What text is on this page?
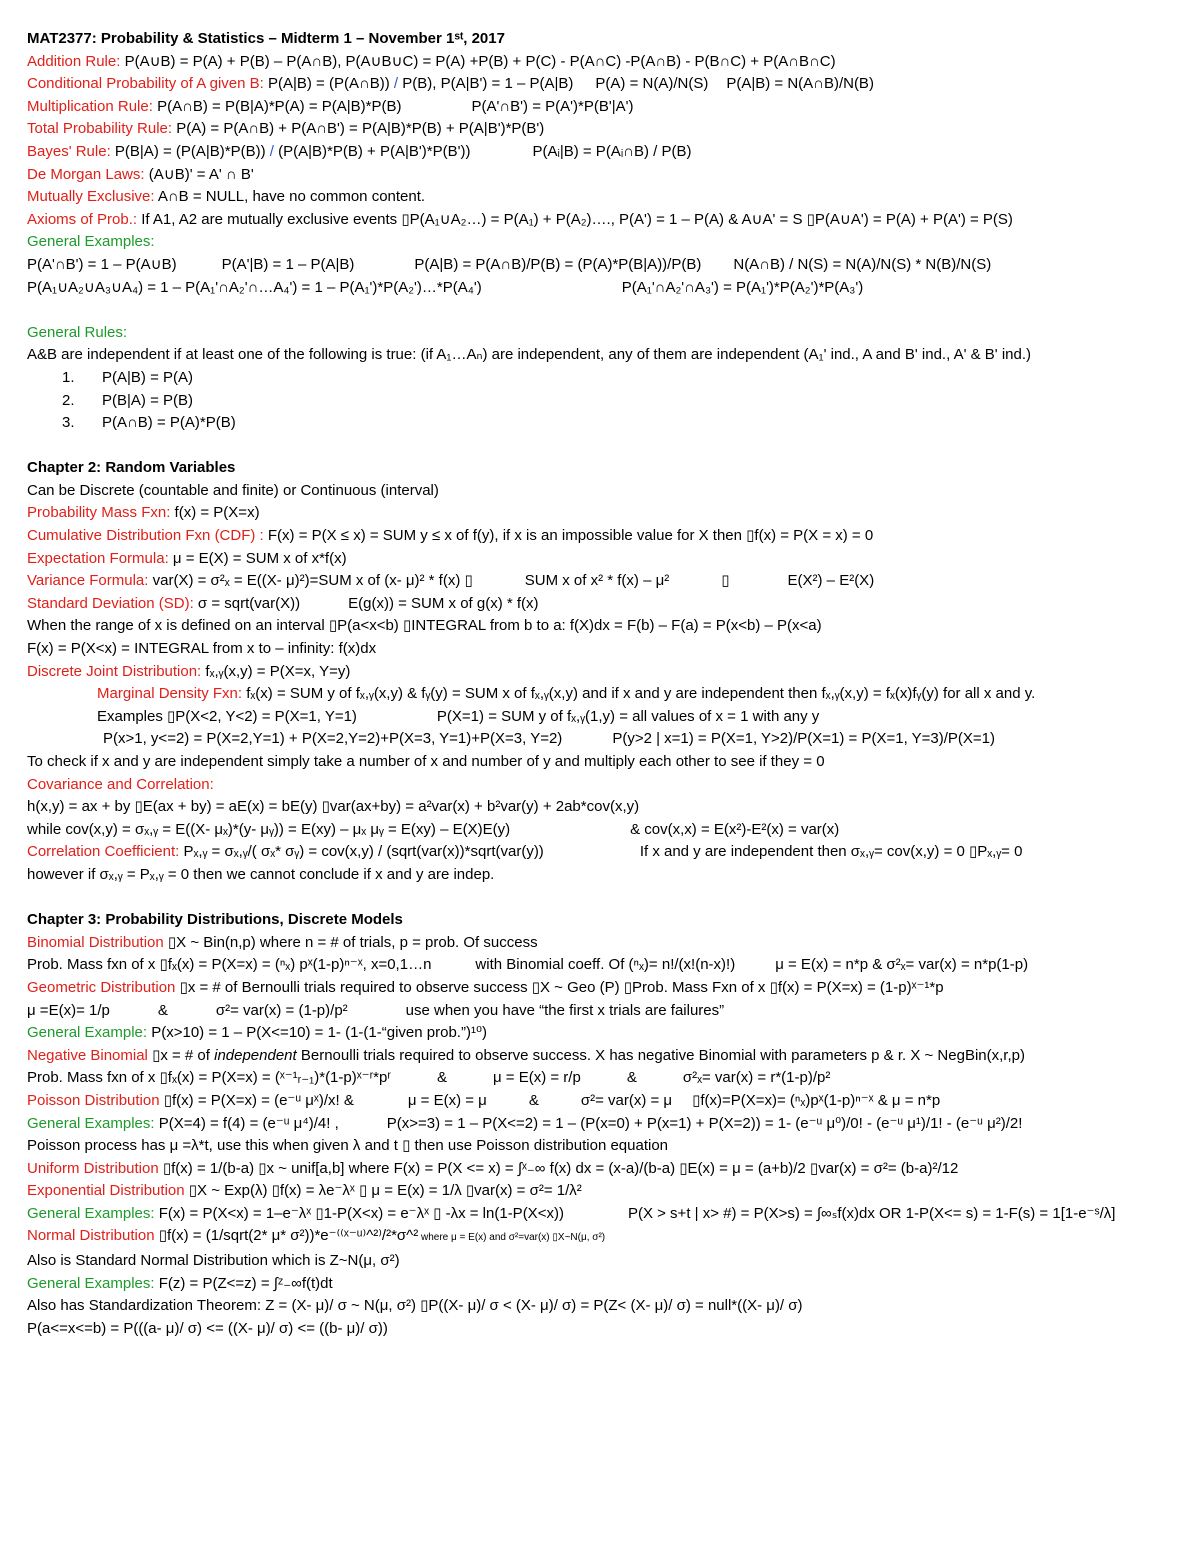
MAT2377: Probability & Statistics – Midterm 1 – November 1ˢᵗ, 2017
Addition Rule: P(A∪B) = P(A) + P(B) – P(A∩B), P(A∪B∪C) = P(A) +P(B) + P(C) - P(A∩C) -P(A∩B) - P(B∩C) + P(A∩B∩C)
Conditional Probability of A given B: P(A|B) = (P(A∩B)) / P(B), P(A|B') = 1 – P(A|B) P(A) = N(A)/N(S) P(A|B) = N(A∩B)/N(B)
Multiplication Rule: P(A∩B) = P(B|A)*P(A) = P(A|B)*P(B)	P(A'∩B') = P(A')*P(B'|A')
Total Probability Rule: P(A) = P(A∩B) + P(A∩B') = P(A|B)*P(B) + P(A|B')*P(B')
Bayes' Rule: P(B|A) = (P(A|B)*P(B)) / (P(A|B)*P(B) + P(A|B')*P(B'))	P(Aᵢ|B) = P(Aᵢ∩B) / P(B)
De Morgan Laws: (A∪B)' = A' ∩ B'
Mutually Exclusive: A∩B = NULL, have no common content.
Axioms of Prob.: If A1, A2 are mutually exclusive events ▯P(A₁∪A₂…) = P(A₁) + P(A₂)…., P(A') = 1 – P(A) & A∪A' = S ▯P(A∪A') = P(A) + P(A') = P(S)
General Examples:
P(A'∩B') = 1 – P(A∪B)	P(A'|B) = 1 – P(A|B)	P(A|B) = P(A∩B)/P(B) = (P(A)*P(B|A))/P(B) N(A∩B) / N(S) = N(A)/N(S) * N(B)/N(S)
P(A₁∪A₂∪A₃∪A₄) = 1 – P(A₁'∩A₂'∩…A₄') = 1 – P(A₁')*P(A₂')…*P(A₄')	P(A₁'∩A₂'∩A₃') = P(A₁')*P(A₂')*P(A₃')
General Rules:
A&B are independent if at least one of the following is true: (if A₁…Aₙ) are independent, any of them are independent (A₁' ind., A and B' ind., A' & B' ind.)
1. P(A|B) = P(A)
2. P(B|A) = P(B)
3. P(A∩B) = P(A)*P(B)
Chapter 2: Random Variables
Can be Discrete (countable and finite) or Continuous (interval)
Probability Mass Fxn: f(x) = P(X=x)
Cumulative Distribution Fxn (CDF) : F(x) = P(X ≤ x) = SUM y ≤ x of f(y), if x is an impossible value for X then ▯f(x) = P(X = x) = 0
Expectation Formula: μ = E(X) = SUM x of x*f(x)
Variance Formula: var(X) = σ²ₓ = E((X- μ)²)=SUM x of (x- μ)² * f(x) ▯	SUM x of x² * f(x) – μ²	▯	E(X²) – E²(X)
Standard Deviation (SD): σ = sqrt(var(X))	E(g(x)) = SUM x of g(x) * f(x)
When the range of x is defined on an interval ▯P(a<x<b) ▯INTEGRAL from b to a: f(X)dx = F(b) – F(a) = P(x<b) – P(x<a)
F(x) = P(X<x) = INTEGRAL from x to – infinity: f(x)dx
Discrete Joint Distribution: fₓ,ᵧ(x,y) = P(X=x, Y=y)
Marginal Density Fxn: fₓ(x) = SUM y of fₓ,ᵧ(x,y) & fᵧ(y) = SUM x of fₓ,ᵧ(x,y) and if x and y are independent then fₓ,ᵧ(x,y) = fₓ(x)fᵧ(y) for all x and y.
Examples ▯P(X<2, Y<2) = P(X=1, Y=1)	P(X=1) = SUM y of fₓ,ᵧ(1,y) = all values of x = 1 with any y
P(x>1, y<=2) = P(X=2,Y=1) + P(X=2,Y=2)+P(X=3, Y=1)+P(X=3, Y=2)	P(y>2 | x=1) = P(X=1, Y>2)/P(X=1) = P(X=1, Y=3)/P(X=1)
To check if x and y are independent simply take a number of x and number of y and multiply each other to see if they = 0
Covariance and Correlation:
h(x,y) = ax + by ▯E(ax + by) = aE(x) = bE(y) ▯var(ax+by) = a²var(x) + b²var(y) + 2ab*cov(x,y)
while cov(x,y) = σₓ,ᵧ = E((X- μₓ)*(y- μᵧ)) = E(xy) – μₓ μᵧ = E(xy) – E(X)E(y)	& cov(x,x) = E(x²)-E²(x) = var(x)
Correlation Coefficient: Pₓ,ᵧ = σₓ,ᵧ/( σₓ* σᵧ) = cov(x,y) / (sqrt(var(x))*sqrt(var(y))	If x and y are independent then σₓ,ᵧ= cov(x,y) = 0 ▯Pₓ,ᵧ= 0
however if σₓ,ᵧ = Pₓ,ᵧ = 0 then we cannot conclude if x and y are indep.
Chapter 3: Probability Distributions, Discrete Models
Binomial Distribution ▯X ~ Bin(n,p) where n = # of trials, p = prob. Of success
Prob. Mass fxn of x ▯fₓ(x) = P(X=x) = (ⁿₓ) pˣ(1-p)ⁿ⁻ˣ, x=0,1…n	with Binomial coeff. Of (ⁿₓ)= n!/(x!(n-x)!)	μ = E(x) = n*p & σ²ₓ= var(x) = n*p(1-p)
Geometric Distribution ▯x = # of Bernoulli trials required to observe success ▯X ~ Geo (P) ▯Prob. Mass Fxn of x ▯f(x) = P(X=x) = (1-p)ˣ⁻¹*p
μ =E(x)= 1/p	&	σ²= var(x) = (1-p)/p²	use when you have “the first x trials are failures”
General Example: P(x>10) = 1 – P(X<=10) = 1- (1-(1-“given prob.”)¹⁰)
Negative Binomial ▯x = # of independent Bernoulli trials required to observe success. X has negative Binomial with parameters p & r. X ~ NegBin(x,r,p)
Prob. Mass fxn of x ▯fₓ(x) = P(X=x) = (ˣ⁻¹ᵣ₋₁)*(1-p)ˣ⁻ʳ*pʳ	&	μ = E(x) = r/p	&	σ²ₓ= var(x) = r*(1-p)/p²
Poisson Distribution ▯f(x) = P(X=x) = (e⁻ᵘ μˣ)/x! &	μ = E(x) = μ	&	σ²= var(x) = μ ▯f(x)=P(X=x)= (ⁿₓ)pˣ(1-p)ⁿ⁻ˣ & μ = n*p
General Examples: P(X=4) = f(4) = (e⁻ᵘ μ⁴)/4! ,	P(x>=3) = 1 – P(X<=2) = 1 – (P(x=0) + P(x=1) + P(X=2)) = 1- (e⁻ᵘ μ⁰)/0! - (e⁻ᵘ μ¹)/1! - (e⁻ᵘ μ²)/2!
Poisson process has μ =λ*t, use this when given λ and t ▯ then use Poisson distribution equation
Uniform Distribution ▯f(x) = 1/(b-a) ▯x ~ unif[a,b] where F(x) = P(X <= x) = ∫ˣ₋∞ f(x) dx = (x-a)/(b-a) ▯E(x) = μ = (a+b)/2 ▯var(x) = σ²= (b-a)²/12
Exponential Distribution ▯X ~ Exp(λ) ▯f(x) = λe⁻λˣ ▯ μ = E(x) = 1/λ ▯var(x) = σ²= 1/λ²
General Examples: F(x) = P(X<x) = 1–e⁻λˣ ▯1-P(X<x) = e⁻λˣ ▯ -λx = ln(1-P(X<x))	P(X > s+t | x> #) = P(X>s) = ∫∞ₛf(x)dx OR 1-P(X<= s) = 1-F(s) = 1[1-e⁻ˢ/λ]
Normal Distribution ▯f(x) = (1/sqrt(2* μ* σ²))*e⁻⁽⁽ˣ⁻ᵘ⁾^²⁾/²*σ^² where μ = E(x) and σ²=var(x) ▯X~N(μ, σ²)
Also is Standard Normal Distribution which is Z~N(μ, σ²)
General Examples: F(z) = P(Z<=z) = ∫ᶻ₋∞f(t)dt
Also has Standardization Theorem: Z = (X- μ)/ σ ~ N(μ, σ²) ▯P((X- μ)/ σ < (X- μ)/ σ) = P(Z< (X- μ)/ σ) = null*((X- μ)/ σ)
P(a<=x<=b) = P(((a- μ)/ σ) <= ((X- μ)/ σ) <= ((b- μ)/ σ))
